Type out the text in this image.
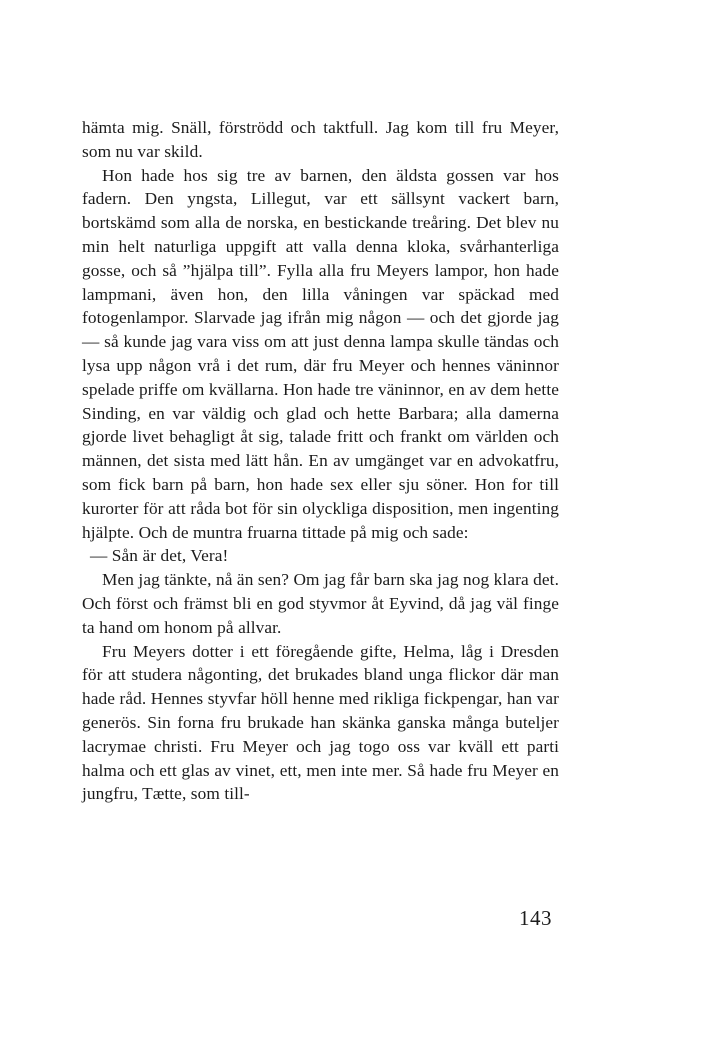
hämta mig. Snäll, förströdd och taktfull. Jag kom till fru Meyer, som nu var skild.

Hon hade hos sig tre av barnen, den äldsta gossen var hos fadern. Den yngsta, Lillegut, var ett sällsynt vackert barn, bortskämd som alla de norska, en bestickande treåring. Det blev nu min helt naturliga uppgift att valla denna kloka, svårhanterliga gosse, och så ”hjälpa till”. Fylla alla fru Meyers lampor, hon hade lampmani, även hon, den lilla våningen var späckad med fotogenlampor. Slarvade jag ifrån mig någon — och det gjorde jag — så kunde jag vara viss om att just denna lampa skulle tändas och lysa upp någon vrå i det rum, där fru Meyer och hennes väninnor spelade priffe om kvällarna. Hon hade tre väninnor, en av dem hette Sinding, en var väldig och glad och hette Barbara; alla damerna gjorde livet behagligt åt sig, talade fritt och frankt om världen och männen, det sista med lätt hån. En av umgänget var en advokatfru, som fick barn på barn, hon hade sex eller sju söner. Hon for till kurorter för att råda bot för sin olyckliga disposition, men ingenting hjälpte. Och de muntra fruarna tittade på mig och sade:

— Sån är det, Vera!

Men jag tänkte, nå än sen? Om jag får barn ska jag nog klara det. Och först och främst bli en god styvmor åt Eyvind, då jag väl finge ta hand om honom på allvar.

Fru Meyers dotter i ett föregående gifte, Helma, låg i Dresden för att studera någonting, det brukades bland unga flickor där man hade råd. Hennes styvfar höll henne med rikliga fickpengar, han var generös. Sin forna fru brukade han skänka ganska många buteljer lacrymae christi. Fru Meyer och jag togo oss var kväll ett parti halma och ett glas av vinet, ett, men inte mer. Så hade fru Meyer en jungfru, Tætte, som till-

143
